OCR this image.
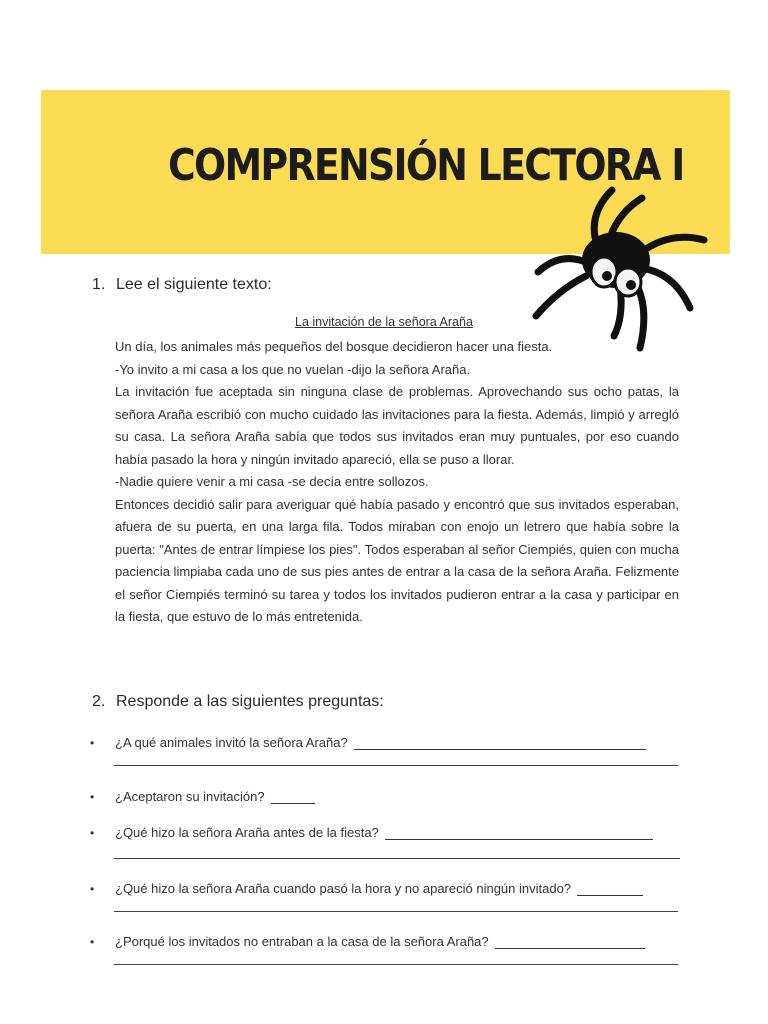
COMPRENSIÓN LECTORA I
1. Lee el siguiente texto:
La invitación de la señora Araña

Un día, los animales más pequeños del bosque decidieron hacer una fiesta.

-Yo invito a mi casa a los que no vuelan -dijo la señora Araña.

La invitación fue aceptada sin ninguna clase de problemas. Aprovechando sus ocho patas, la señora Araña escribió con mucho cuidado las invitaciones para la fiesta. Además, limpió y arregló su casa. La señora Araña sabía que todos sus invitados eran muy puntuales, por eso cuando había pasado la hora y ningún invitado apareció, ella se puso a llorar.

-Nadie quiere venir a mi casa -se decía entre sollozos.

Entonces decidió salir para averiguar qué había pasado y encontró que sus invitados esperaban, afuera de su puerta, en una larga fila. Todos miraban con enojo un letrero que había sobre la puerta: "Antes de entrar límpiese los pies". Todos esperaban al señor Ciempiés, quien con mucha paciencia limpiaba cada uno de sus pies antes de entrar a la casa de la señora Araña. Felizmente el señor Ciempiés terminó su tarea y todos los invitados pudieron entrar a la casa y participar en la fiesta, que estuvo de lo más entretenida.

2. Responde a las siguientes preguntas:
•	¿A qué animales invitó la señora Araña?
•	¿Aceptaron su invitación?
•	¿Qué hizo la señora Araña antes de la fiesta?
•	¿Qué hizo la señora Araña cuando pasó la hora y no apareció ningún invitado?
•	¿Porqué los invitados no entraban a la casa de la señora Araña?
